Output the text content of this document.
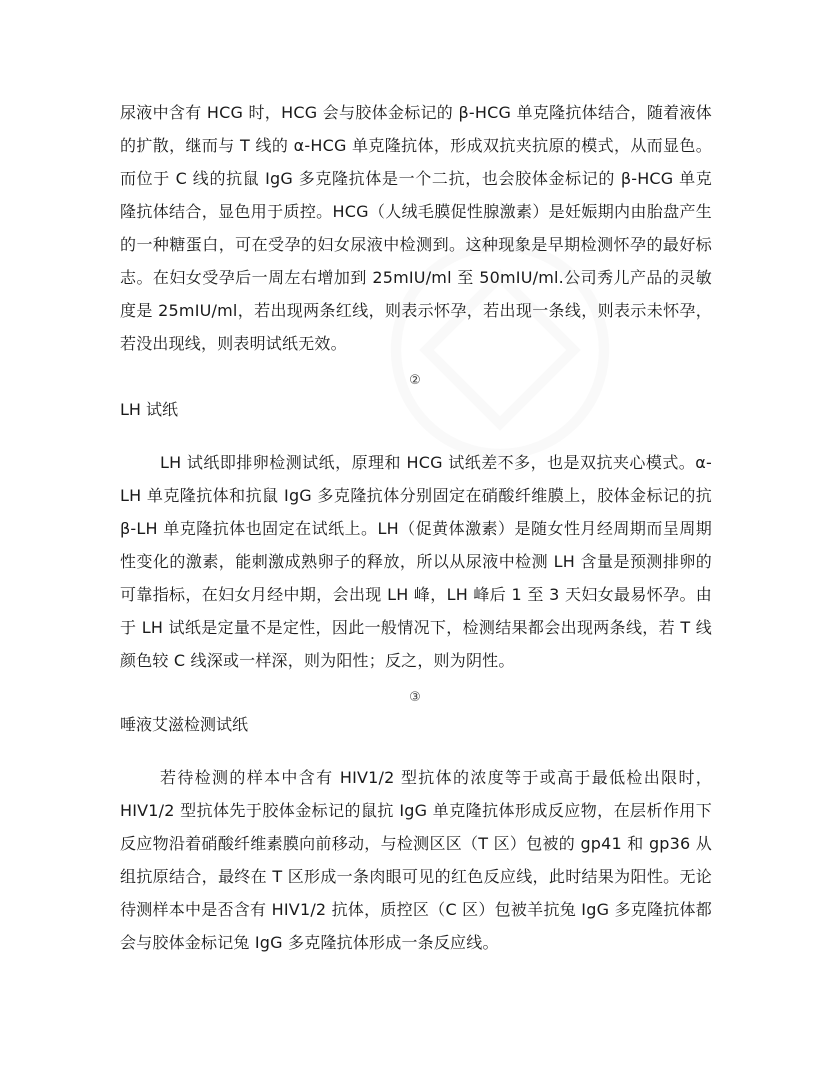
尿液中含有 HCG 时，HCG 会与胶体金标记的 β-HCG 单克隆抗体结合，随着液体的扩散，继而与 T 线的 α-HCG 单克隆抗体，形成双抗夹抗原的模式，从而显色。而位于 C 线的抗鼠 IgG 多克隆抗体是一个二抗，也会胶体金标记的 β-HCG 单克隆抗体结合，显色用于质控。HCG（人绒毛膜促性腺激素）是妊娠期内由胎盘产生的一种糖蛋白，可在受孕的妇女尿液中检测到。这种现象是早期检测怀孕的最好标志。在妇女受孕后一周左右增加到 25mIU/ml 至 50mIU/ml.公司秀儿产品的灵敏度是 25mIU/ml，若出现两条红线，则表示怀孕，若出现一条线，则表示未怀孕，若没出现线，则表明试纸无效。

②

LH 试纸

LH 试纸即排卵检测试纸，原理和 HCG 试纸差不多，也是双抗夹心模式。α-LH 单克隆抗体和抗鼠 IgG 多克隆抗体分别固定在硝酸纤维膜上，胶体金标记的抗 β-LH 单克隆抗体也固定在试纸上。LH（促黄体激素）是随女性月经周期而呈周期性变化的激素，能刺激成熟卵子的释放，所以从尿液中检测 LH 含量是预测排卵的可靠指标，在妇女月经中期，会出现 LH 峰，LH 峰后 1 至 3 天妇女最易怀孕。由于 LH 试纸是定量不是定性，因此一般情况下，检测结果都会出现两条线，若 T 线颜色较 C 线深或一样深，则为阳性；反之，则为阴性。

③

唾液艾滋检测试纸

若待检测的样本中含有 HIV1/2 型抗体的浓度等于或高于最低检出限时，HIV1/2 型抗体先于胶体金标记的鼠抗 IgG 单克隆抗体形成反应物，在层析作用下反应物沿着硝酸纤维素膜向前移动，与检测区区（T 区）包被的 gp41 和 gp36 从组抗原结合，最终在 T 区形成一条肉眼可见的红色反应线，此时结果为阳性。无论待测样本中是否含有 HIV1/2 抗体，质控区（C 区）包被羊抗兔 IgG 多克隆抗体都会与胶体金标记兔 IgG 多克隆抗体形成一条反应线。
